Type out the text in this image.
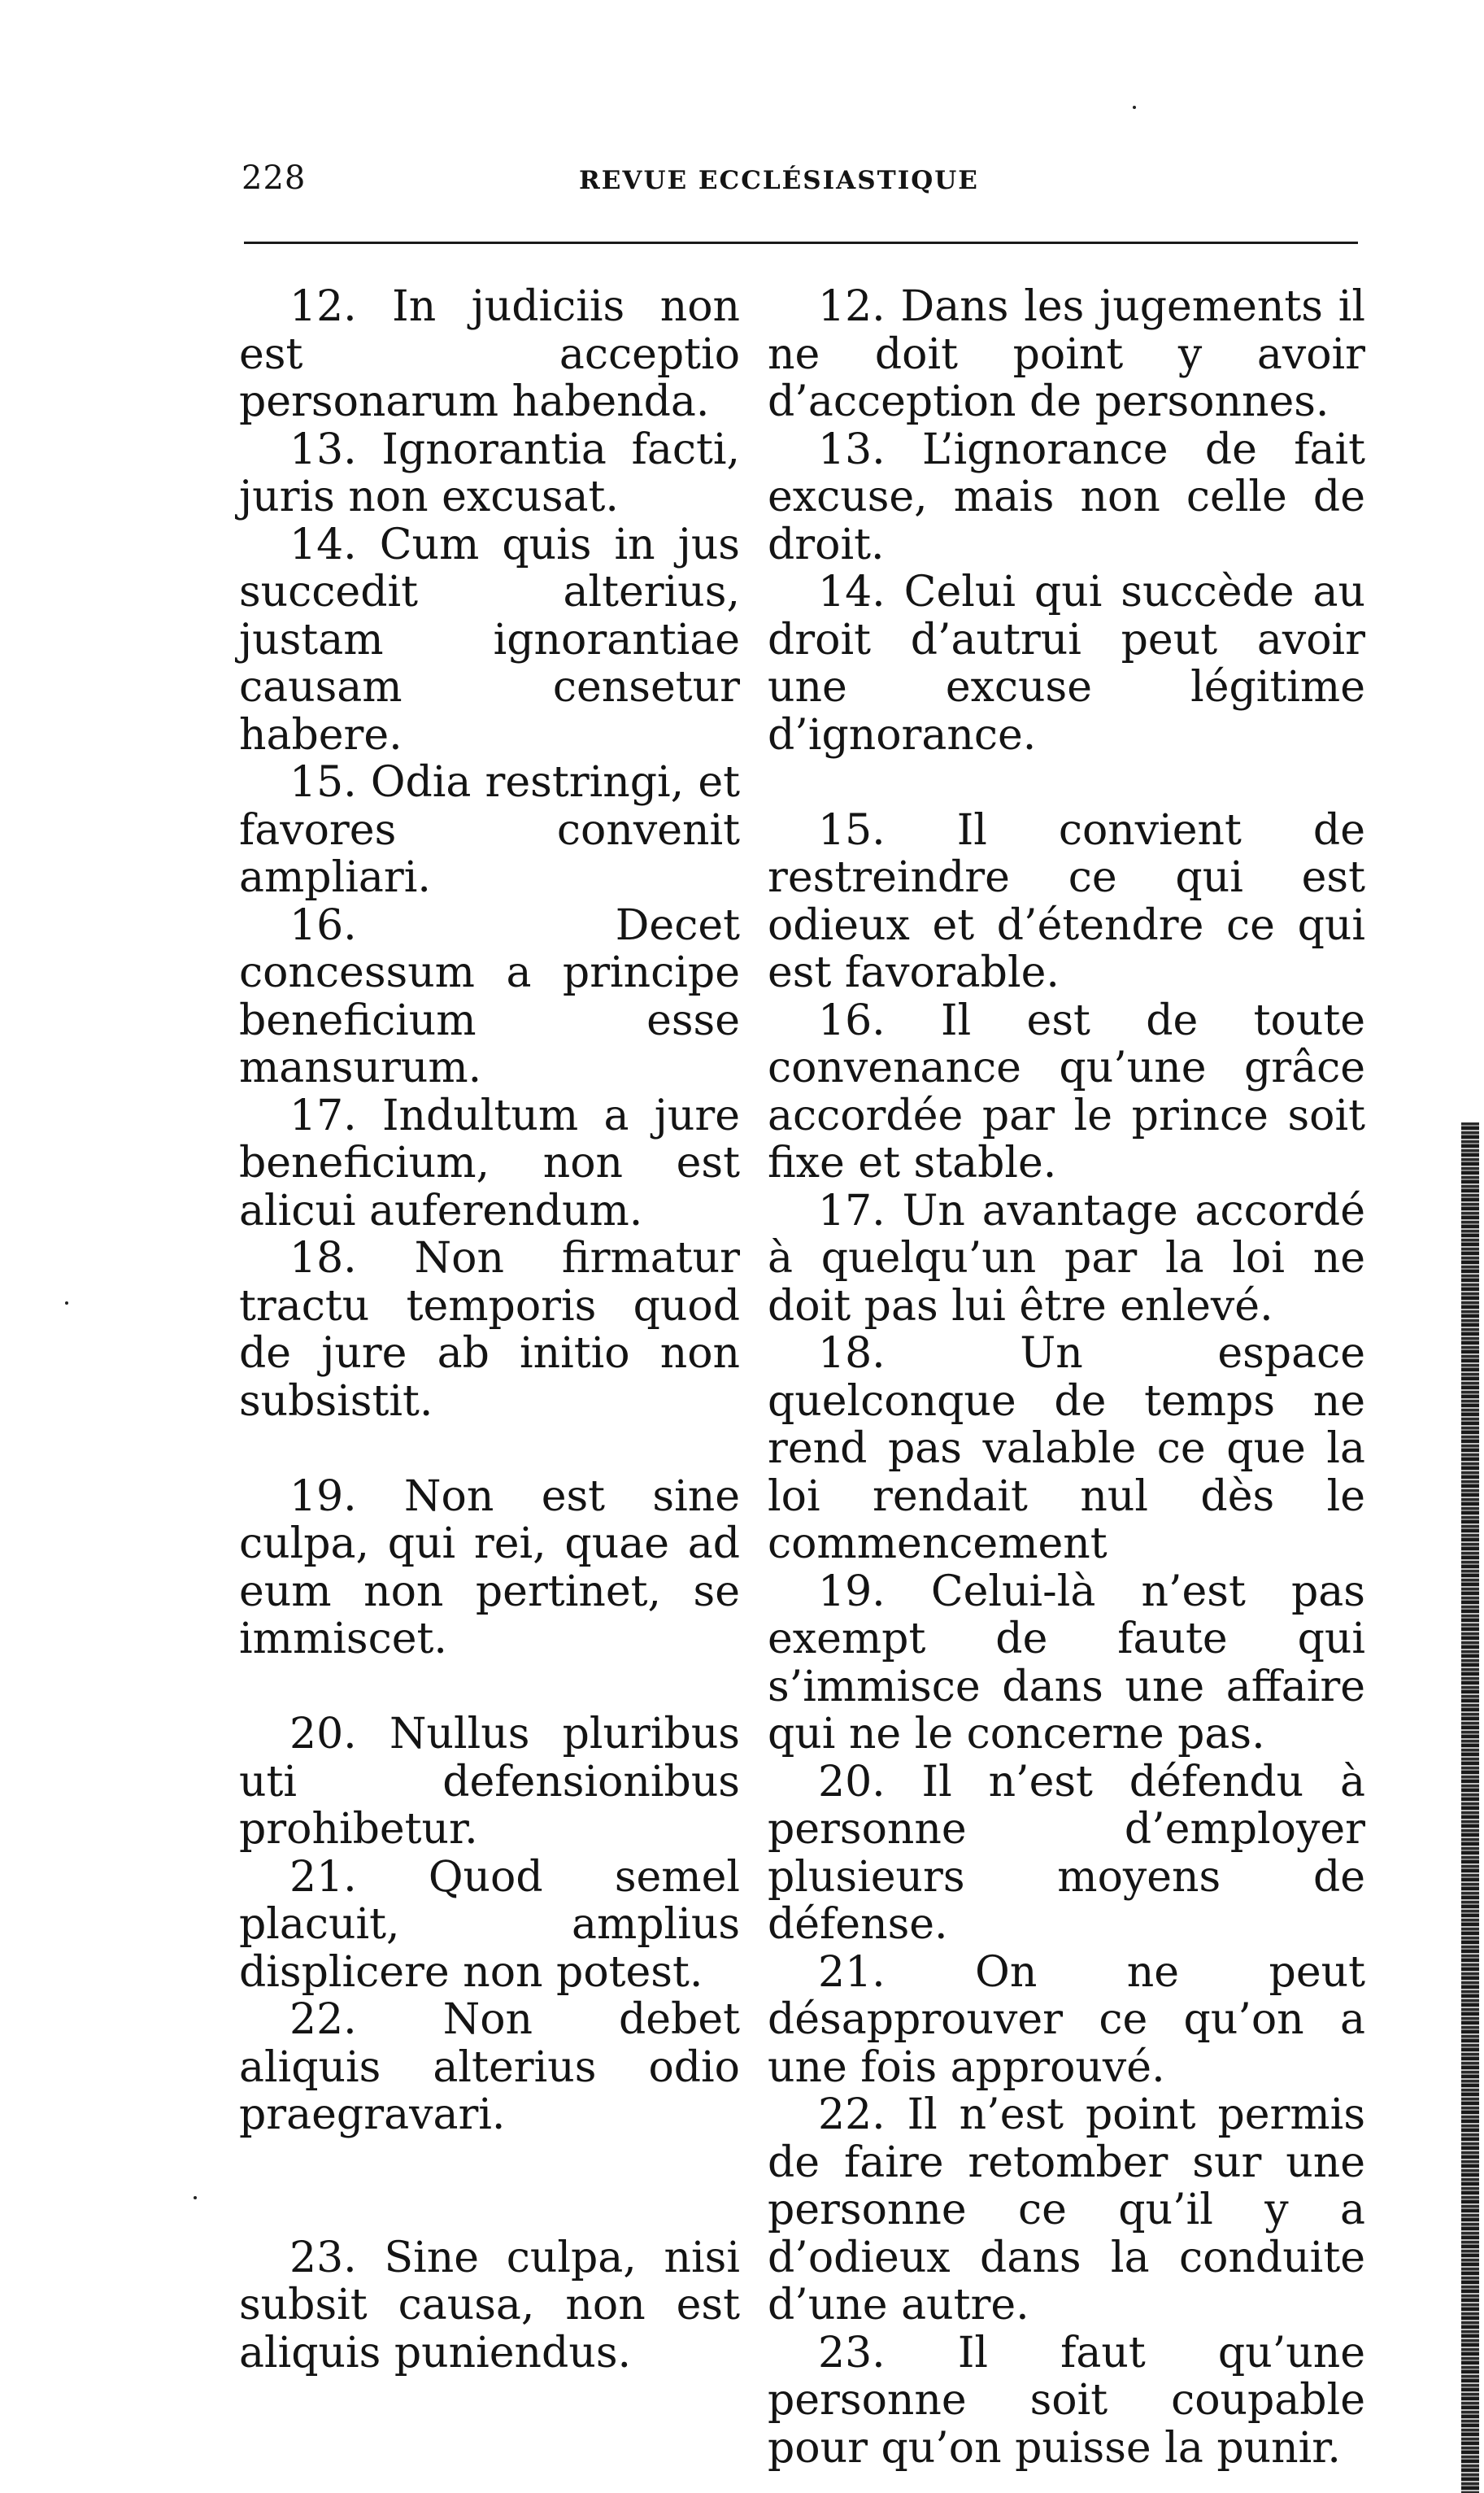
228	REVUE ECCLÉSIASTIQUE

12. In judiciis non est acceptio personarum habenda.

13. Ignorantia facti, juris non excusat.

14. Cum quis in jus succedit alterius, justam ignorantiae causam censetur habere.

15. Odia restringi, et favores convenit ampliari.

16. Decet concessum a principe beneficium esse mansurum.

17. Indultum a jure beneficium, non est alicui auferendum.

18. Non firmatur tractu temporis quod de jure ab initio non subsistit.

19. Non est sine culpa, qui rei, quae ad eum non pertinet, se immiscet.

20. Nullus pluribus uti defensionibus prohibetur.

21. Quod semel placuit, amplius displicere non potest.

22. Non debet aliquis alterius odio praegravari.

23. Sine culpa, nisi subsit causa, non est aliquis puniendus.

12. Dans les jugements il ne doit point y avoir d’acception de personnes.

13. L’ignorance de fait excuse, mais non celle de droit.

14. Celui qui succède au droit d’autrui peut avoir une excuse légitime d’ignorance.

15. Il convient de restreindre ce qui est odieux et d’étendre ce qui est favorable.

16. Il est de toute convenance qu’une grâce accordée par le prince soit fixe et stable.

17. Un avantage accordé à quelqu’un par la loi ne doit pas lui être enlevé.

18. Un espace quelconque de temps ne rend pas valable ce que la loi rendait nul dès le commencement

19. Celui-là n’est pas exempt de faute qui s’immisce dans une affaire qui ne le concerne pas.

20. Il n’est défendu à personne d’employer plusieurs moyens de défense.

21. On ne peut désapprouver ce qu’on a une fois approuvé.

22. Il n’est point permis de faire retomber sur une personne ce qu’il y a d’odieux dans la conduite d’une autre.

23. Il faut qu’une personne soit coupable pour qu’on puisse la punir.
